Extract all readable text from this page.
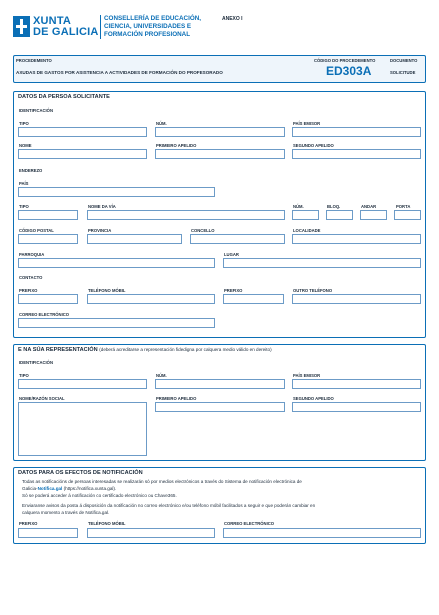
XUNTA
DE GALICIA
CONSELLERÍA DE EDUCACIÓN,
CIENCIA, UNIVERSIDADES E
FORMACIÓN PROFESIONAL
ANEXO I
PROCEDEMENTO
AXUDAS DE GASTOS POR ASISTENCIA A ACTIVIDADES DE FORMACIÓN DO PROFESORADO
CÓDIGO DO PROCEDEMENTO
ED303A
DOCUMENTO
SOLICITUDE
DATOS DA PERSOA SOLICITANTE
IDENTIFICACIÓN
TIPO	NÚM.	PAÍS EMISOR
NOME	PRIMEIRO APELIDO	SEGUNDO APELIDO
ENDEREZO
PAÍS
TIPO	NOME DA VÍA	NÚM.	BLOQ.	ANDAR	PORTA
CÓDIGO POSTAL	PROVINCIA	CONCELLO	LOCALIDADE
PARROQUIA	LUGAR
CONTACTO
PREFIXO	TELÉFONO MÓBIL	PREFIXO	OUTRO TELÉFONO
CORREO ELECTRÓNICO
E NA SÚA REPRESENTACIÓN (deberá acreditarse a representación fidedigna por calquera medio válido en dereito)
IDENTIFICACIÓN
TIPO	NÚM.	PAÍS EMISOR
NOME/RAZÓN SOCIAL	PRIMEIRO APELIDO	SEGUNDO APELIDO
DATOS PARA OS EFECTOS DE NOTIFICACIÓN
Todas as notificacións de persoas interesadas se realizarán só por medios electrónicos a través do Sistema de notificación electrónica de
Galicia-Notifica.gal (https://notifica.xunta.gal).
Só se poderá acceder á notificación co certificado electrónico ou Chave365.
Enviaranse avisos da posta á disposición da notificación no correo electrónico e/ou teléfono móbil facilitados a seguir e que poderán cambiar en
calquera momento a través de Notifica.gal.
PREFIXO	TELÉFONO MÓBIL	CORREO ELECTRÓNICO
